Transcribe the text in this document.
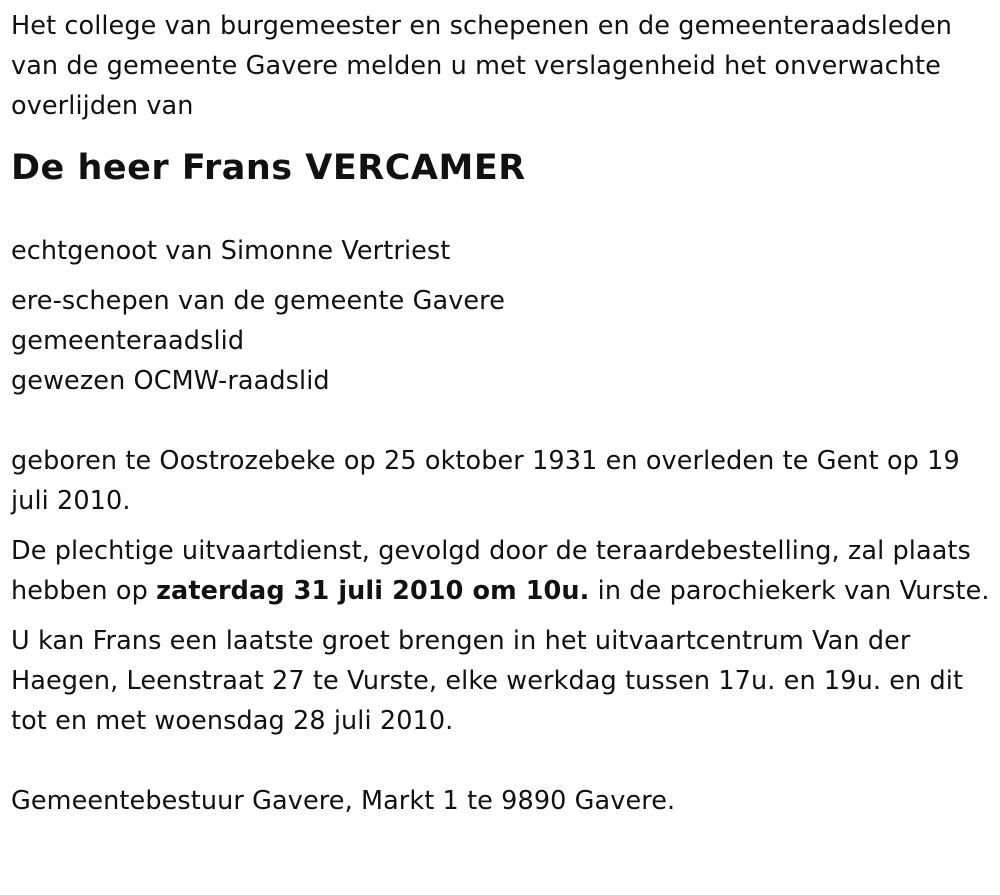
Het college van burgemeester en schepenen en de gemeenteraadsleden van de gemeente Gavere melden u met verslagenheid het onverwachte overlijden van

De heer Frans VERCAMER

echtgenoot van Simonne Vertriest

ere-schepen van de gemeente Gavere

gemeenteraadslid

gewezen OCMW-raadslid

geboren te Oostrozebeke op 25 oktober 1931 en overleden te Gent op 19 juli 2010.

De plechtige uitvaartdienst, gevolgd door de teraardebestelling, zal plaats hebben op zaterdag 31 juli 2010 om 10u. in de parochiekerk van Vurste.

U kan Frans een laatste groet brengen in het uitvaartcentrum Van der Haegen, Leenstraat 27 te Vurste, elke werkdag tussen 17u. en 19u. en dit tot en met woensdag 28 juli 2010.

Gemeentebestuur Gavere, Markt 1 te 9890 Gavere.
